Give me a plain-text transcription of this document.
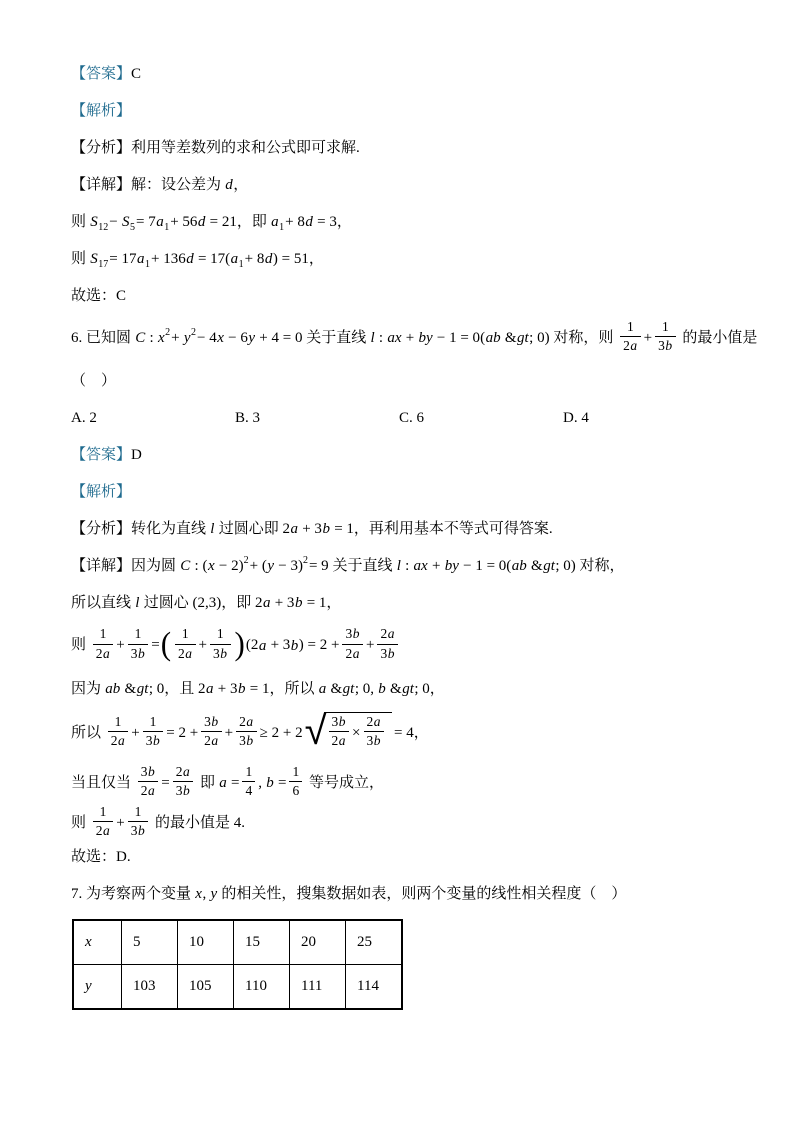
【答案】C
【解析】
【分析】利用等差数列的求和公式即可求解.
【详解】解：设公差为 d，
则 $S_{12}- S_5= 7a_1+ 56d = 21$，即 $a_1+ 8d = 3$，
则 $S_{17}= 17a_1+ 136d = 17(a_1+ 8d) = 51$，
故选：C
6. 已知圆 C : $x^2+ y^2- 4x - 6y + 4 = 0$ 关于直线 l : ax + by − 1 = 0(ab &gt; 0) 对称，则 $\frac{1}{2a} + \frac{1}{3b}$ 的最小值是
（    ）
A. 2	B. 3	C. 6	D. 4
【答案】D
【解析】
【分析】转化为直线 l 过圆心即 2a + 3b = 1，再利用基本不等式可得答案.
【详解】因为圆 C : $(x - 2)^2+ (y - 3)^2= 9$ 关于直线 l : ax + by − 1 = 0(ab &gt; 0) 对称，
所以直线 l 过圆心 (2,3)，即 2a + 3b = 1，
则 $\frac{1}{2a} + \frac{1}{3b}$ =( $\frac{1}{2a} + \frac{1}{3b} )(2a + 3b) = 2 + \frac{3b}{2a} + \frac{2a}{3b}$
因为 ab &gt; 0，且 2a + 3b = 1，所以 a &gt; 0, b &gt; 0，
所以 $\frac{1}{2a} + \frac{1}{3b} = 2 + \frac{3b}{2a} + \frac{2a}{3b} \ge 2 + 2$ √ $\frac{3b}{2a} \times \frac{2a}{3b} = 4$，
当且仅当 $\frac{3b}{2a} = \frac{2a}{3b}$ 即 $a = \frac{1}{4}$ , $b = \frac{1}{6}$ 等号成立，
则 $\frac{1}{2a} + \frac{1}{3b}$ 的最小值是 4.
故选：D.
7. 为考察两个变量 x, y 的相关性，搜集数据如表，则两个变量的线性相关程度（    ）
x	5	10	15	20	25
y	103	105	110	111	114
